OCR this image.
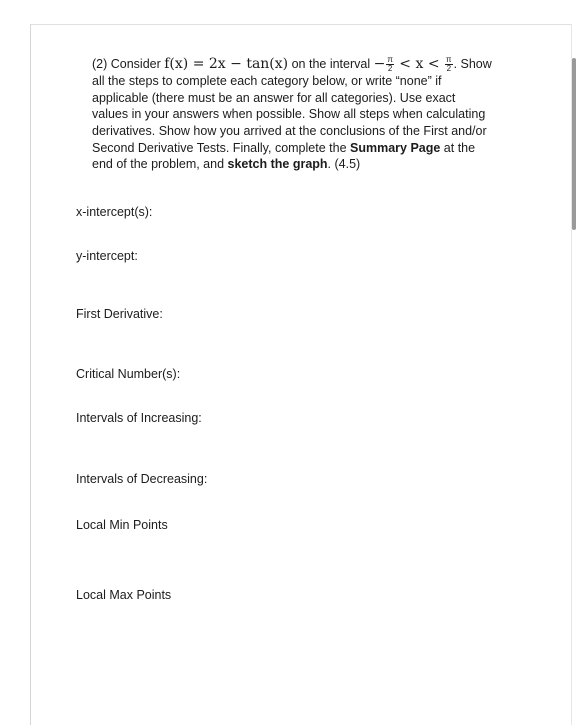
(2) Consider f(x) = 2x − tan(x) on the interval − $\frac{\pi}{2} < x < \frac{\pi}{2}$ . Show
all the steps to complete each category below, or write “none” if
applicable (there must be an answer for all categories). Use exact
values in your answers when possible. Show all steps when calculating
derivatives. Show how you arrived at the conclusions of the First and/or
Second Derivative Tests. Finally, complete the Summary Page at the
end of the problem, and sketch the graph. (4.5)
x-intercept(s):
y-intercept:
First Derivative:
Critical Number(s):
Intervals of Increasing:
Intervals of Decreasing:
Local Min Points
Local Max Points
